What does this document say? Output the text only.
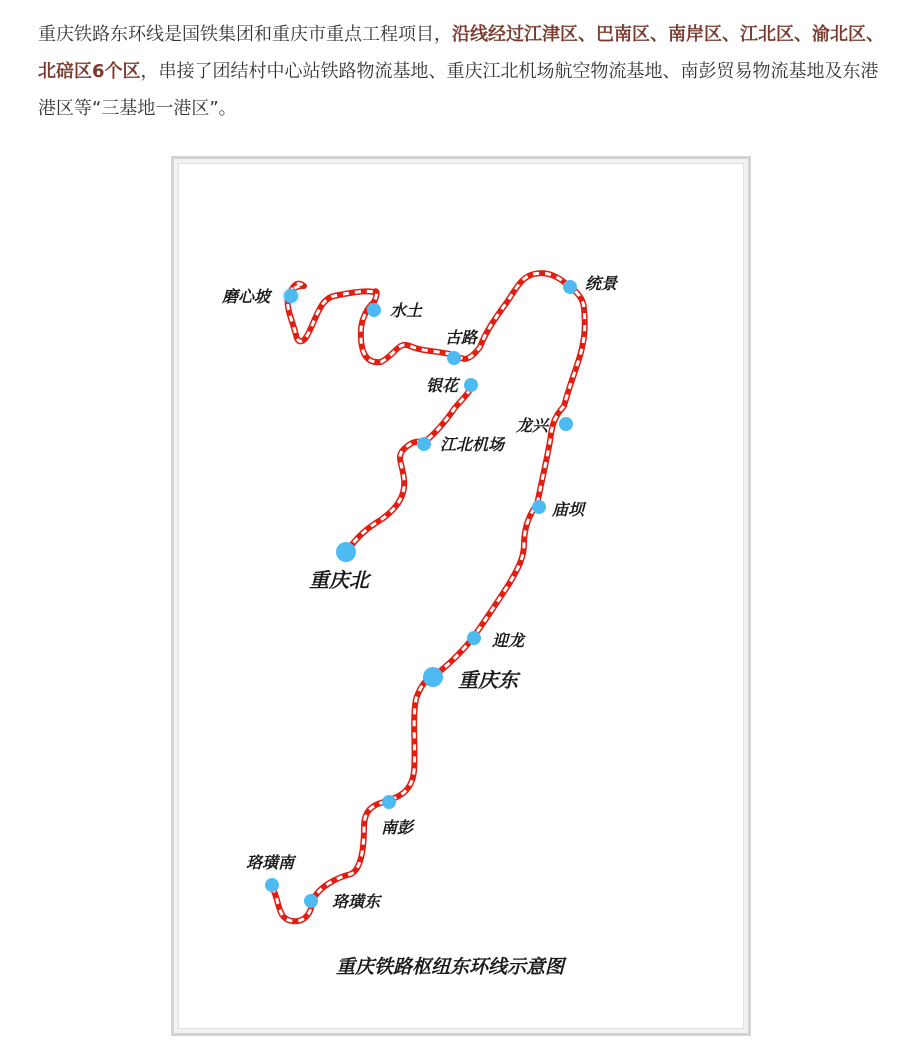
重庆铁路东环线是国铁集团和重庆市重点工程项目，沿线经过江津区、巴南区、南岸区、江北区、渝北区、北碚区6个区，串接了团结村中心站铁路物流基地、重庆江北机场航空物流基地、南彭贸易物流基地及东港港区等“三基地一港区”。

磨心坡
水土
古路
银花
江北机场
重庆北
统景
龙兴
庙坝
迎龙
重庆东
南彭
珞璜南
珞璜东
重庆铁路枢纽东环线示意图
